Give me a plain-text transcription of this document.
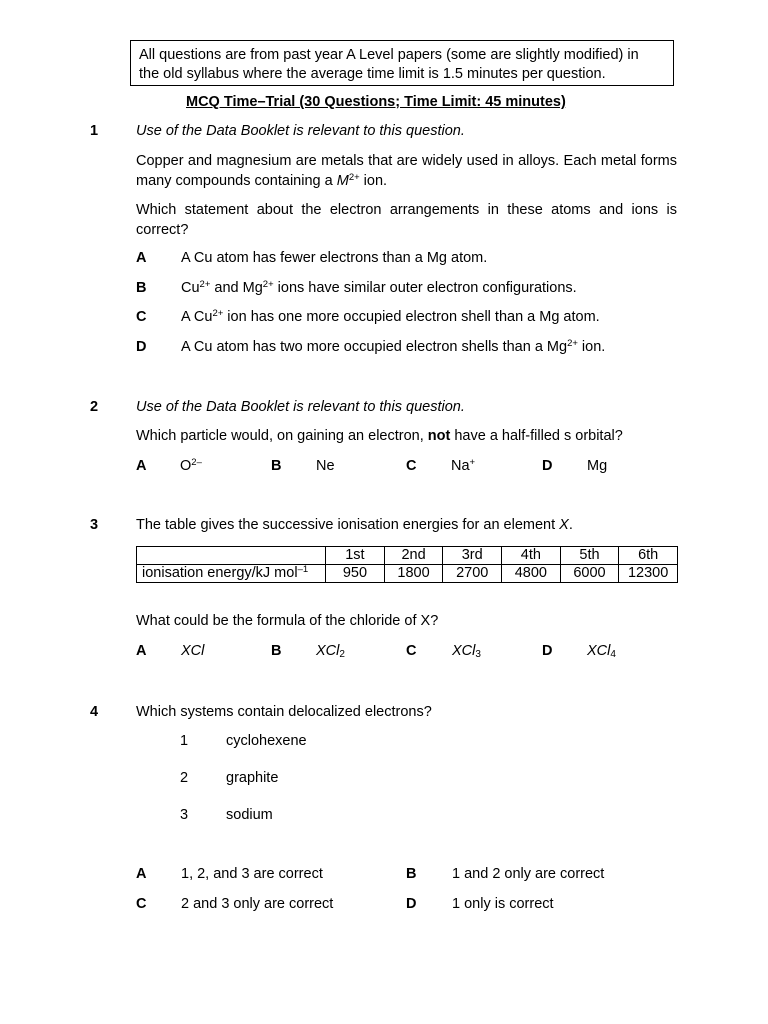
All questions are from past year A Level papers (some are slightly modified) in
the old syllabus where the average time limit is 1.5 minutes per question.
MCQ Time–Trial (30 Questions; Time Limit: 45 minutes)
1	Use of the Data Booklet is relevant to this question.
Copper and magnesium are metals that are widely used in alloys. Each metal forms many compounds containing a $M^{2+}$ ion.
Which statement about the electron arrangements in these atoms and ions is correct?
A A Cu atom has fewer electrons than a Mg atom.
B $Cu^{2+}$ and $Mg^{2+}$ ions have similar outer electron configurations.
C A $Cu^{2+}$ ion has one more occupied electron shell than a Mg atom.
D A Cu atom has two more occupied electron shells than a $Mg^{2+}$ ion.
2	Use of the Data Booklet is relevant to this question.
Which particle would, on gaining an electron, not have a half-filled s orbital?
A $O^{2-}$	B Ne	C Na+	D Mg
3	The table gives the successive ionisation energies for an element X.
	1st	2nd	3rd	4th	5th	6th
ionisation energy/kJ mol$^{-1}$	950	1800	2700	4800	6000	12300
What could be the formula of the chloride of X?
A XCl	B XCl$_2$	C XCl$_3$	D XCl$_4$
4	Which systems contain delocalized electrons?
1	cyclohexene
2	graphite
3	sodium
A 1, 2, and 3 are correct	B 1 and 2 only are correct
C 2 and 3 only are correct	D 1 only is correct
